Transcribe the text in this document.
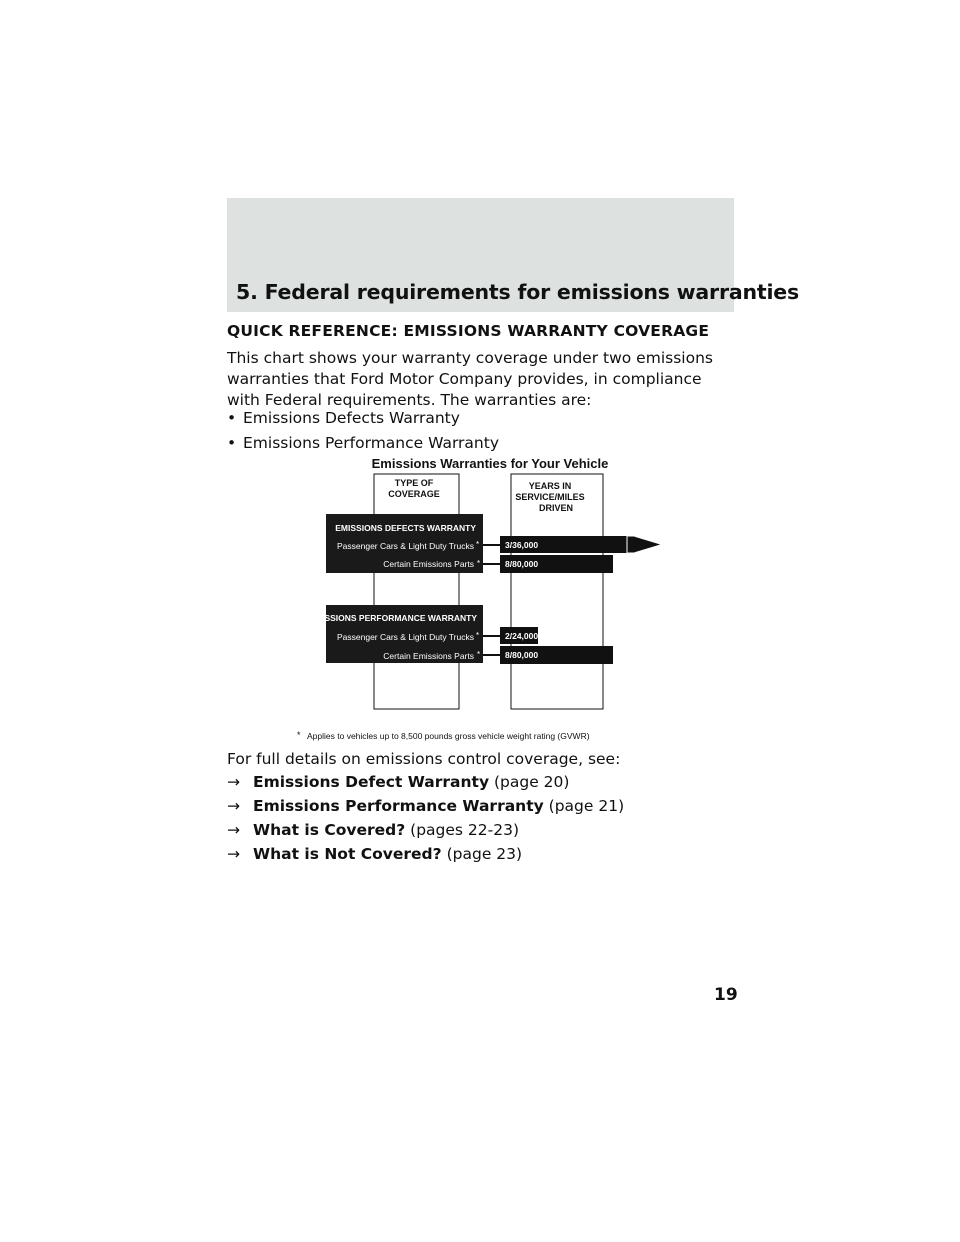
5. Federal requirements for emissions warranties
QUICK REFERENCE: EMISSIONS WARRANTY COVERAGE

This chart shows your warranty coverage under two emissions warranties that Ford Motor Company provides, in compliance with Federal requirements. The warranties are:

• Emissions Defects Warranty
• Emissions Performance Warranty
Emissions Warranties for Your Vehicle
TYPE OF
COVERAGE
YEARS IN
SERVICE/MILES
DRIVEN
EMISSIONS DEFECTS WARRANTY
Passenger Cars & Light Duty Trucks *
Certain Emissions Parts *
3/36,000
8/80,000
EMISSIONS PERFORMANCE WARRANTY
Passenger Cars & Light Duty Trucks *
Certain Emissions Parts *
2/24,000
8/80,000
* Applies to vehicles up to 8,500 pounds gross vehicle weight rating (GVWR)

For full details on emissions control coverage, see:

→ Emissions Defect Warranty (page 20)
→ Emissions Performance Warranty (page 21)
→ What is Covered? (pages 22-23)
→ What is Not Covered? (page 23)

19
